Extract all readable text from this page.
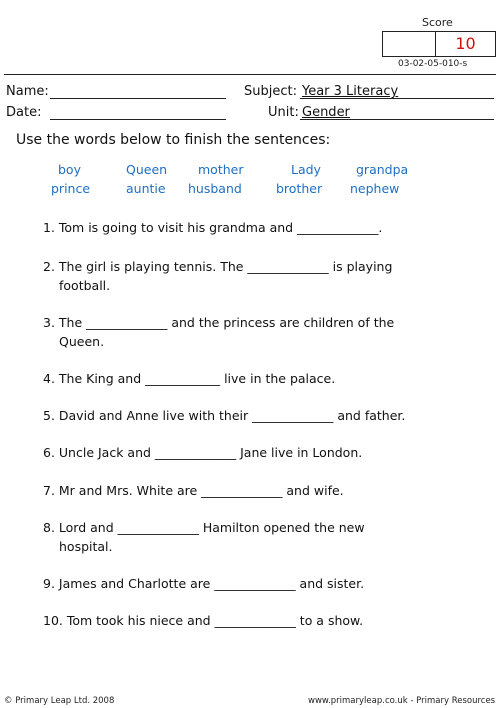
Score
10
03-02-05-010-s
Name:
Date:
Subject: Year 3 Literacy
Unit: Gender
Use the words below to finish the sentences:
boy	Queen mother	Lady	grandpa
prince	auntie husband	brother nephew
1. Tom is going to visit his grandma and _____________.
2. The girl is playing tennis. The _____________ is playing
football.
3. The _____________ and the princess are children of the
Queen.
4. The King and ____________ live in the palace.
5. David and Anne live with their _____________ and father.
6. Uncle Jack and _____________ Jane live in London.
7. Mr and Mrs. White are _____________ and wife.
8. Lord and _____________ Hamilton opened the new
hospital.
9. James and Charlotte are _____________ and sister.
10. Tom took his niece and _____________ to a show.
© Primary Leap Ltd. 2008	www.primaryleap.co.uk - Primary Resources
